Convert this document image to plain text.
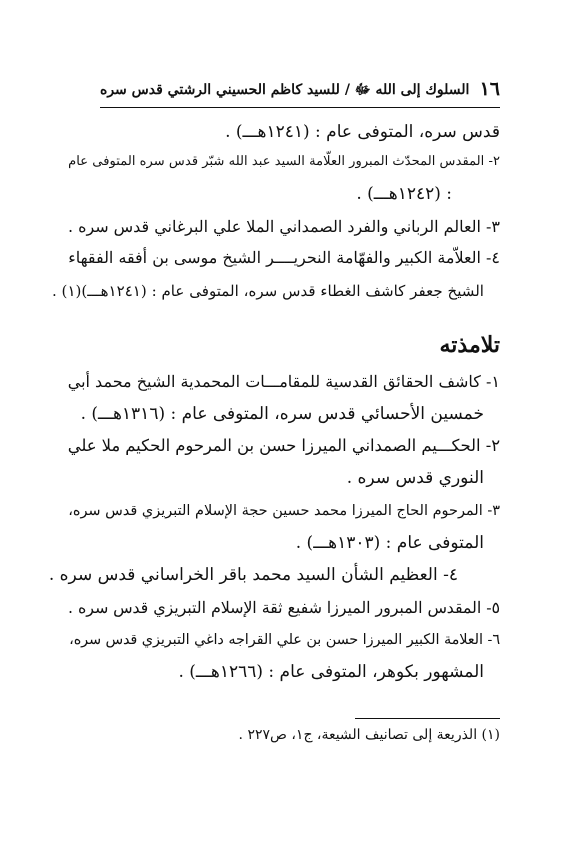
١٦
السلوك إلى الله ﷻ / للسيد كاظم الحسيني الرشتي قدس سره
قدس سره، المتوفى عام : (١٢٤١هـــ) .
٢- المقدس المحدّث المبرور العلّامة السيد عبد الله شبّر قدس سره المتوفى عام
: (١٢٤٢هـــ) .
٣- العالم الرباني والفرد الصمداني الملا علي البرغاني قدس سره .
٤- العلاّمة الكبير والفهّامة النحريــــر الشيخ موسى بن أفقه الفقهاء
الشيخ جعفر كاشف الغطاء قدس سره، المتوفى عام : (١٢٤١هـــ)(١) .
تلامذته
١- كاشف الحقائق القدسية للمقامـــات المحمدية الشيخ محمد أبي
خمسين الأحسائي قدس سره، المتوفى عام : (١٣١٦هـــ) .
٢- الحكـــيم الصمداني الميرزا حسن بن المرحوم الحكيم ملا علي
النوري قدس سره .
٣- المرحوم الحاج الميرزا محمد حسين حجة الإسلام التبريزي قدس سره،
المتوفى عام : (١٣٠٣هـــ) .
٤- العظيم الشأن السيد محمد باقر الخراساني قدس سره .
٥- المقدس المبرور الميرزا شفيع ثقة الإسلام التبريزي قدس سره .
٦- العلامة الكبير الميرزا حسن بن علي القراجه داغي التبريزي قدس سره،
المشهور بكوهر، المتوفى عام : (١٢٦٦هـــ) .
(١) الذريعة إلى تصانيف الشيعة، ج١، ص٢٢٧ .
